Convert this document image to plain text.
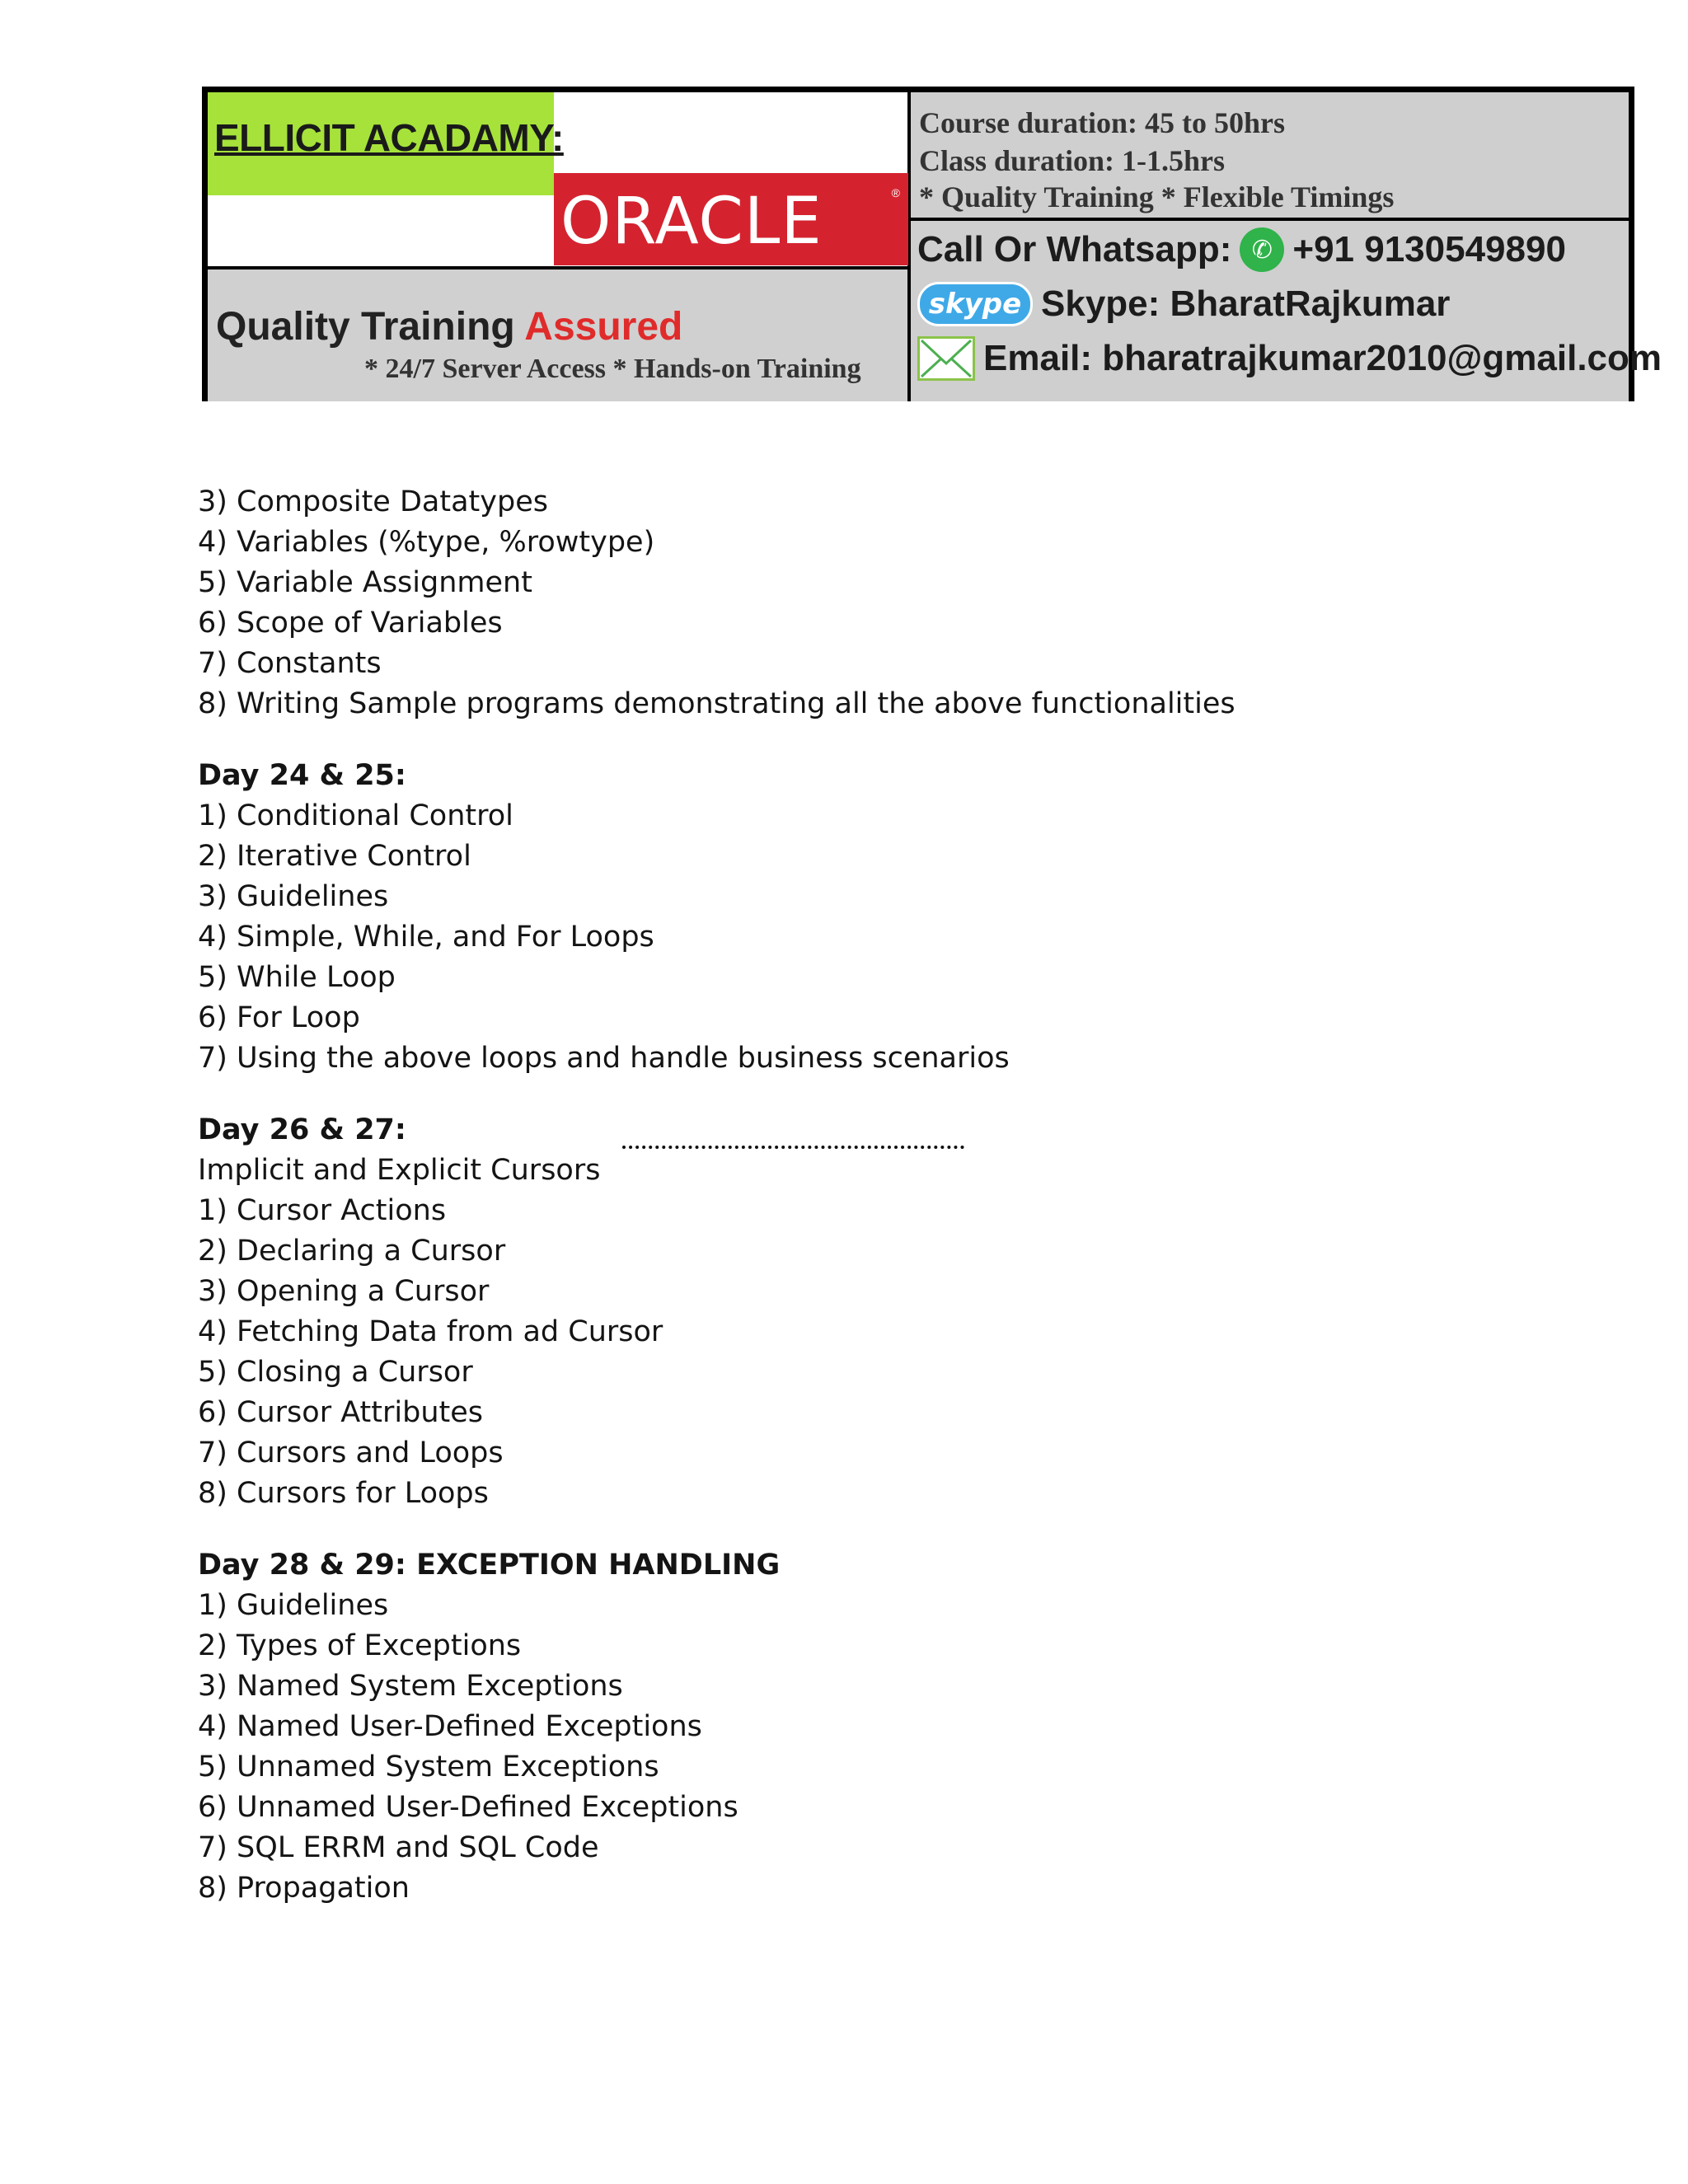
ELLICIT ACADAMY:
ORACLE	®
Quality Training Assured
* 24/7 Server Access * Hands-on Training
Course duration: 45 to 50hrs
Class duration: 1-1.5hrs
* Quality Training * Flexible Timings
Call Or Whatsapp: ✆ +91 9130549890
skype Skype: BharatRajkumar
Email: bharatrajkumar2010@gmail.com
3) Composite Datatypes
4) Variables (%type, %rowtype)
5) Variable Assignment
6) Scope of Variables
7) Constants
8) Writing Sample programs demonstrating all the above functionalities
Day 24 & 25:
1) Conditional Control
2) Iterative Control
3) Guidelines
4) Simple, While, and For Loops
5) While Loop
6) For Loop
7) Using the above loops and handle business scenarios
Day 26 & 27:
Implicit and Explicit Cursors
1) Cursor Actions
2) Declaring a Cursor
3) Opening a Cursor
4) Fetching Data from ad Cursor
5) Closing a Cursor
6) Cursor Attributes
7) Cursors and Loops
8) Cursors for Loops
Day 28 & 29: EXCEPTION HANDLING
1) Guidelines
2) Types of Exceptions
3) Named System Exceptions
4) Named User-Defined Exceptions
5) Unnamed System Exceptions
6) Unnamed User-Defined Exceptions
7) SQL ERRM and SQL Code
8) Propagation
